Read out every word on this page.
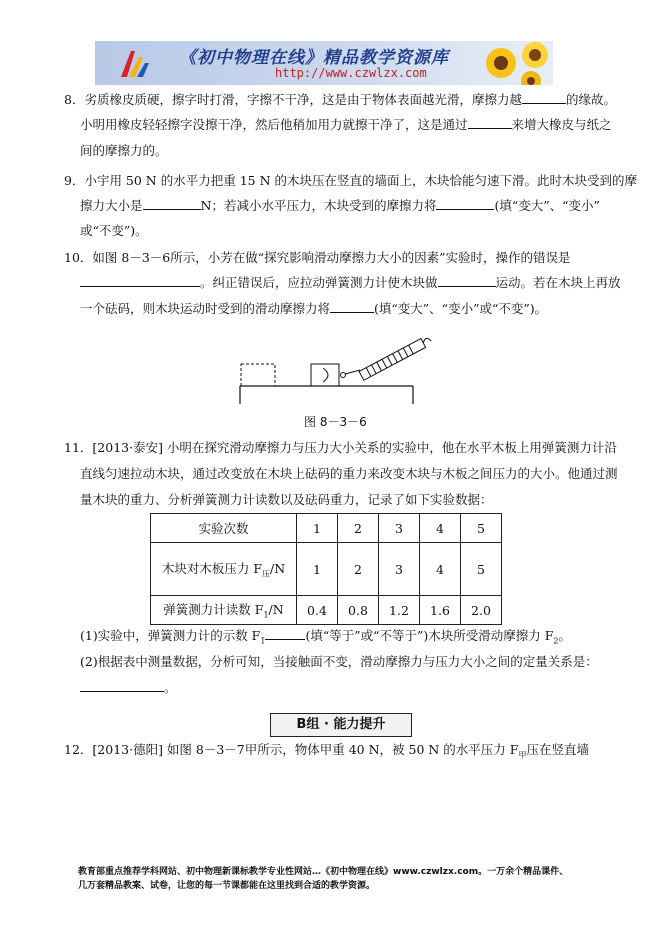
《初中物理在线》精品教学资源库
http://www.czwlzx.com
8．劣质橡皮质硬，擦字时打滑，字擦不干净，这是由于物体表面越光滑，摩擦力越	的缘故。
小明用橡皮轻轻擦字没擦干净，然后他稍加用力就擦干净了，这是通过	来增大橡皮与纸之
间的摩擦力的。
9．小宇用 50 N 的水平力把重 15 N 的木块压在竖直的墙面上，木块恰能匀速下滑。此时木块受到的摩
擦力大小是	N；若减小水平压力，木块受到的摩擦力将	(填“变大”、“变小”
或“不变”)。
10．如图 8－3－6所示，小芳在做“探究影响滑动摩擦力大小的因素”实验时，操作的错误是
。纠正错误后，应拉动弹簧测力计使木块做	运动。若在木块上再放
一个砝码，则木块运动时受到的滑动摩擦力将	(填“变大”、“变小”或“不变”)。
图 8－3－6
11．[2013·泰安] 小明在探究滑动摩擦力与压力大小关系的实验中，他在水平木板上用弹簧测力计沿
直线匀速拉动木块，通过改变放在木块上砝码的重力来改变木块与木板之间压力的大小。他通过测
量木块的重力、分析弹簧测力计读数以及砝码重力，记录了如下实验数据：
实验次数	1	2	3	4	5
木块对木板压力 $F_压/N$	1	2	3	4	5
弹簧测力计读数 $F_1/N$	0.4	0.8	1.2	1.6	2.0
(1)实验中，弹簧测力计的示数 $F_1$	(填“等于”或“不等于”)木块所受滑动摩擦力 $F_2$。
(2)根据表中测量数据，分析可知，当接触面不变，滑动摩擦力与压力大小之间的定量关系是：
。
B组 · 能力提升
12．[2013·德阳] 如图 8－3－7甲所示，物体甲重 40 N，被 50 N 的水平压力 $F_甲$压在竖直墙
教育部重点推荐学科网站、初中物理新课标教学专业性网站…《初中物理在线》www.czwlzx.com。一万余个精品课件、
几万套精品教案、试卷，让您的每一节课都能在这里找到合适的教学资源。
